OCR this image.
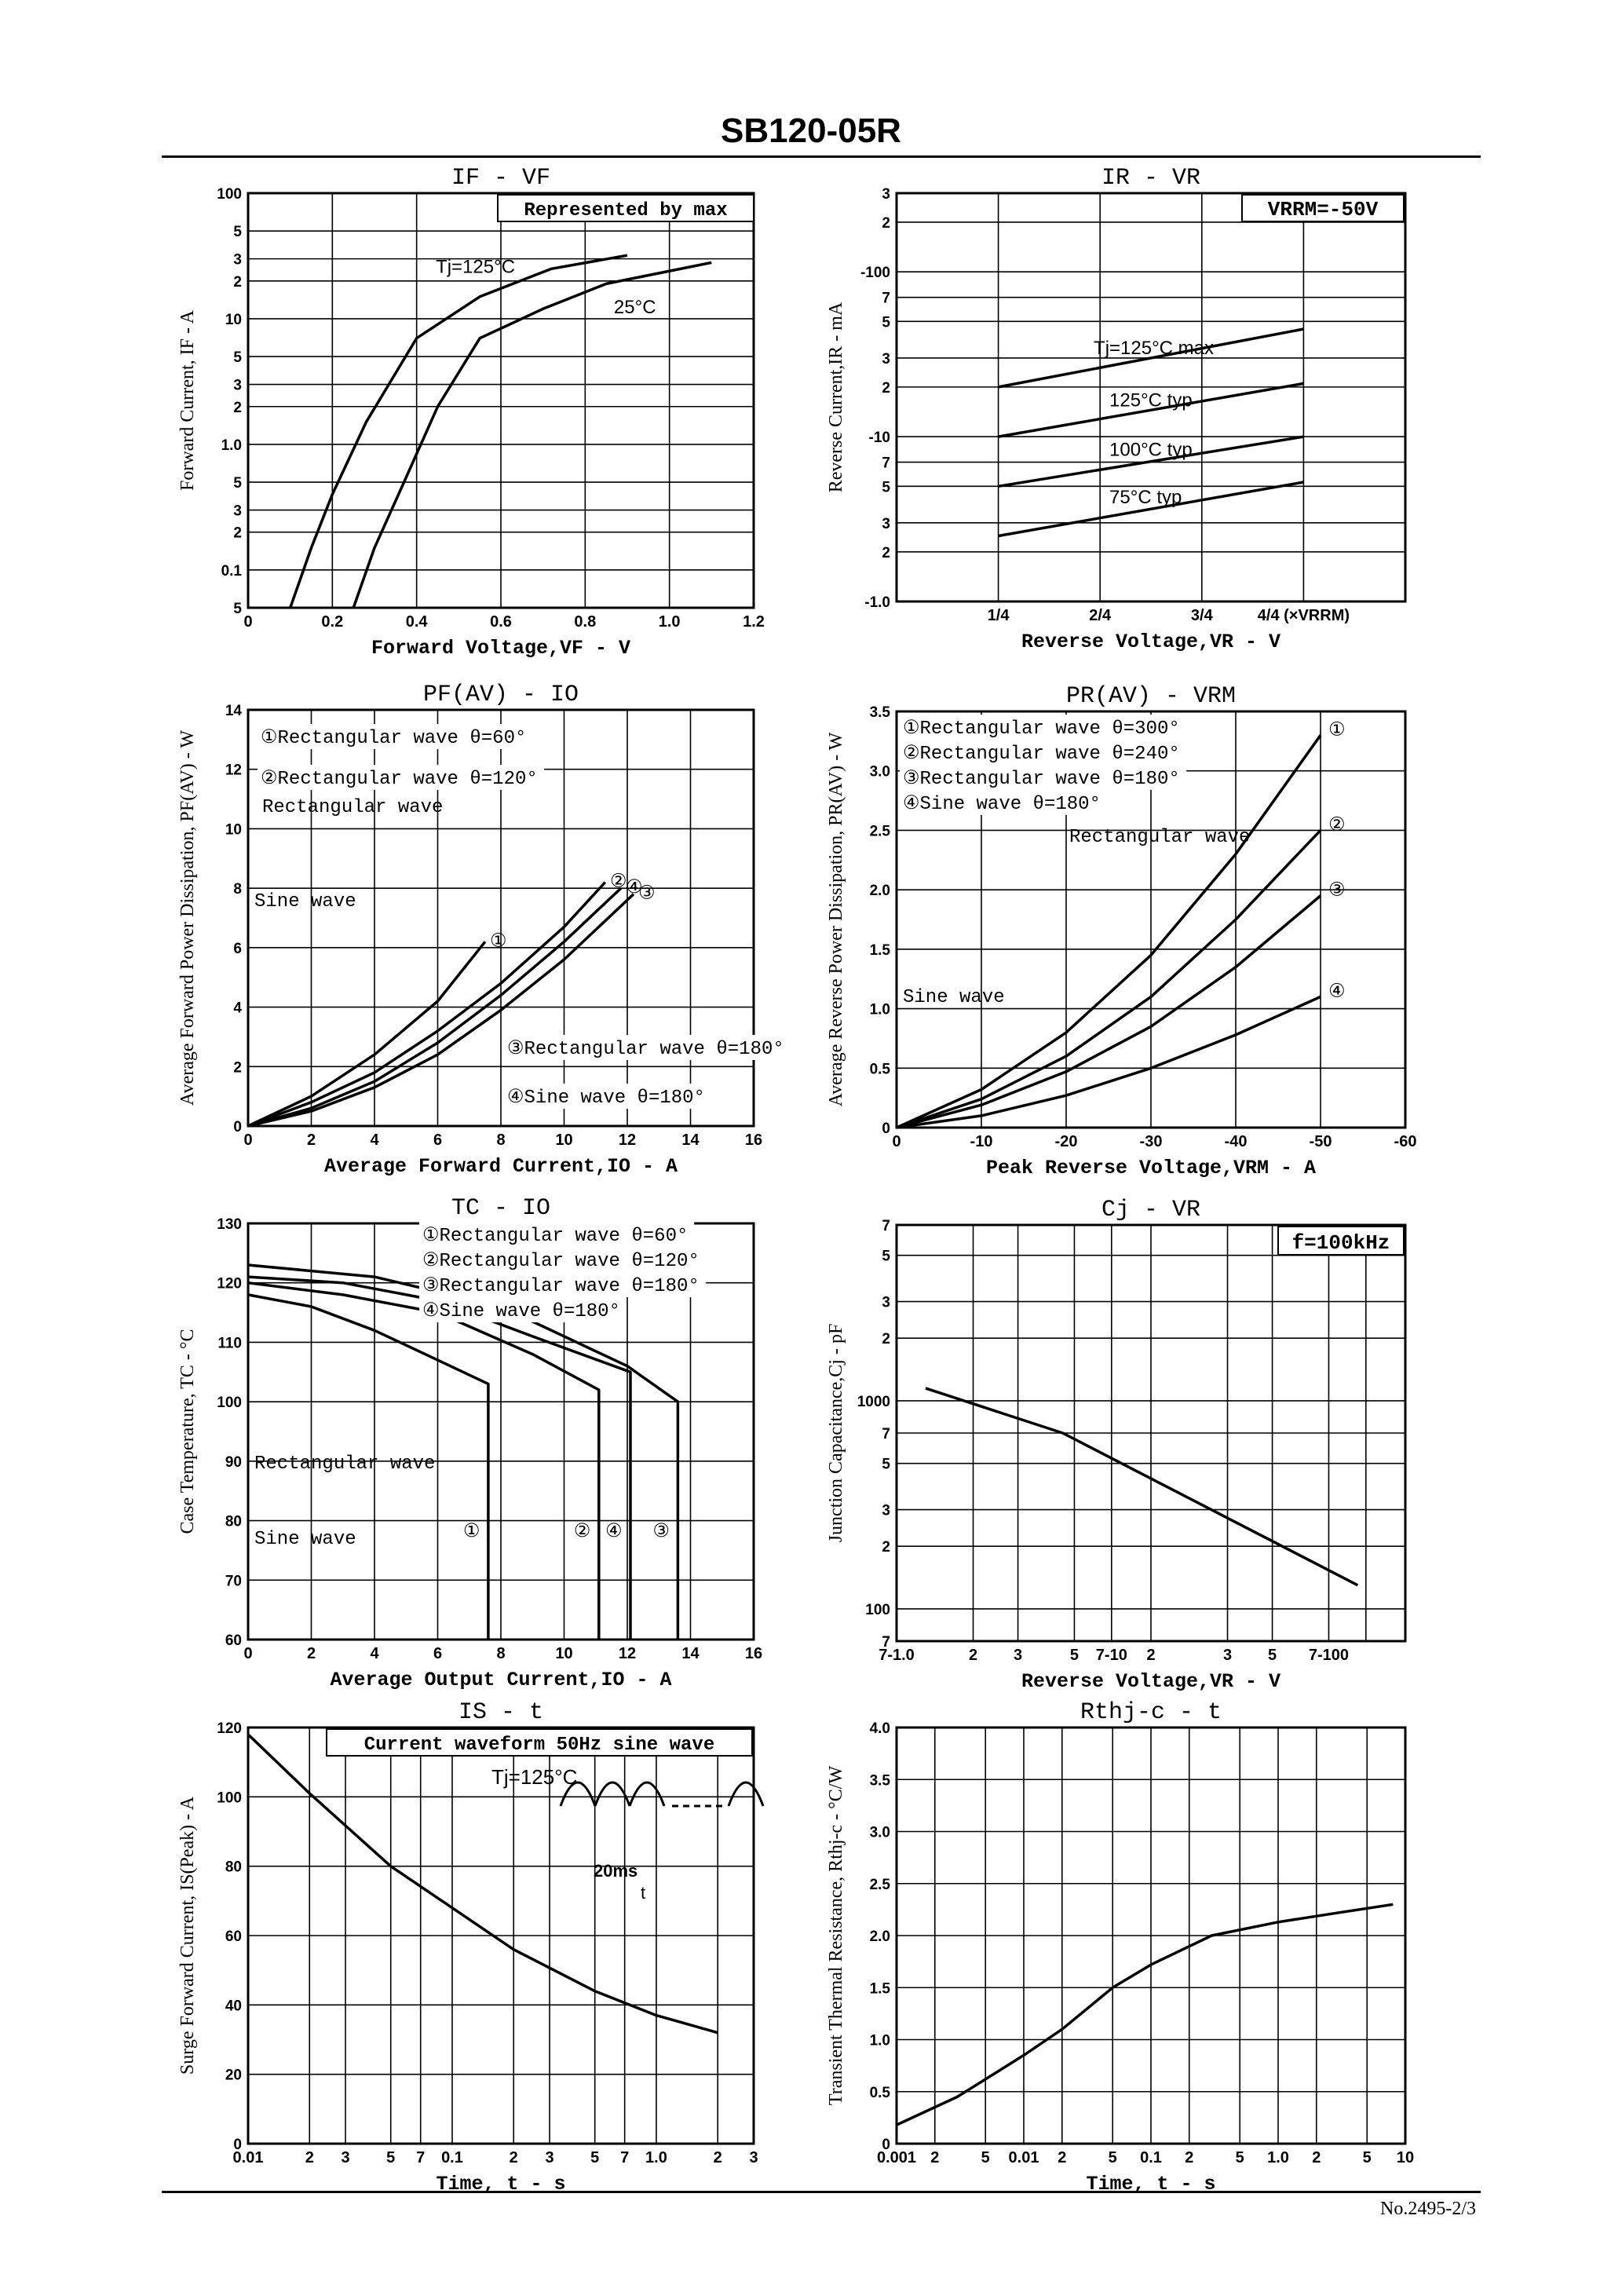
SB120-05R
No.2495-2/3
0	0.2	0.4	0.6	0.8	1.0	1.2
5
0.1
2
3
5
1.0
2
3
5
10
2
3
5
100
IF - VF
Forward Voltage,VF - V
Forward Current, IF - A
Represented by max
Tj=125°C
25°C
1/4	2/4	3/4	4/4 (×VRRM)
-1.0
2
3
5
7
-10
2
3
5
7
-100
2
3
IR - VR
Reverse Voltage,VR - V
Reverse Current,IR - mA
VRRM=-50V
Tj=125°C max
125°C typ
100°C typ
75°C typ
0	2	4	6	8	10	12	14	16
0
2
4
6
8
10
12
14
PF(AV) - IO
Average Forward Current,IO - A
Average Forward Power Dissipation, PF(AV) - W	①Rectangular wave θ=60°
②Rectangular wave θ=120°
Rectangular wave
Sine wave
③Rectangular wave θ=180°
④Sine wave θ=180°
①
②
④
③
0	-10	-20	-30	-40	-50	-60
0
0.5
1.0
1.5
2.0
2.5
3.0
3.5
PR(AV) - VRM
Peak Reverse Voltage,VRM - A
Average Reverse Power Dissipation, PR(AV) - W
①Rectangular wave θ=300°
②Rectangular wave θ=240°
③Rectangular wave θ=180°
④Sine wave θ=180°
Rectangular wave
Sine wave
①
②
③
④
0	2	4	6	8	10	12	14	16
60
70
80
90
100
110
120
130
TC - IO
Average Output Current,IO - A
Case Temperature, TC - °C
①Rectangular wave θ=60°
②Rectangular wave θ=120°
③Rectangular wave θ=180°
④Sine wave θ=180°
Rectangular wave
Sine wave	①	② ④ ③
7-1.0	2 3	5 7-10 2	3 5 7-100
7
100
2
3
5
7
1000
2
3
5
7
Cj - VR
Reverse Voltage,VR - V
Junction Capacitance,Cj - pF
f=100kHz
0.01	2 3 5 7 0.1	2 3 5 7 1.0	2 3
0
20
40
60
80
100
120
IS - t
Time, t - s
Surge Forward Current, IS(Peak) - A
Current waveform 50Hz sine wave
Tj=125°C
20ms
t
0.001 2	5 0.01 2	5 0.1 2	5 1.0 2	5 10
0
0.5
1.0
1.5
2.0
2.5
3.0
3.5
4.0
Rthj-c - t
Time, t - s
Transient Thermal Resistance, Rthj-c - °C/W
